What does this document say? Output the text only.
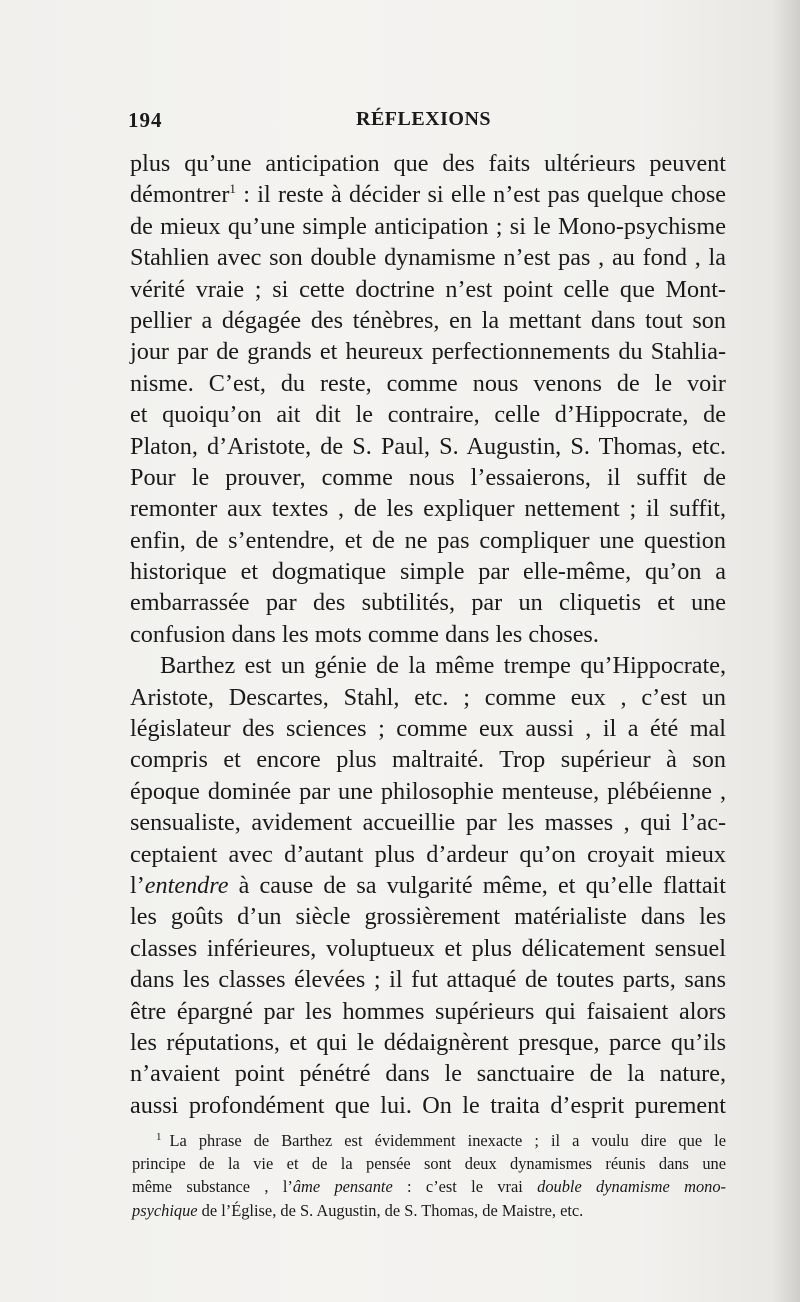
194	RÉFLEXIONS
plus qu’une anticipation que des faits ultérieurs peuvent
démontrer$^1$ : il reste à décider si elle n’est pas quelque chose
de mieux qu’une simple anticipation ; si le Mono-psychisme
Stahlien avec son double dynamisme n’est pas , au fond , la
vérité vraie ; si cette doctrine n’est point celle que Mont-
pellier a dégagée des ténèbres, en la mettant dans tout son
jour par de grands et heureux perfectionnements du Stahlia-
nisme. C’est, du reste, comme nous venons de le voir
et quoiqu’on ait dit le contraire, celle d’Hippocrate, de
Platon, d’Aristote, de S. Paul, S. Augustin, S. Thomas, etc.
Pour le prouver, comme nous l’essaierons, il suffit de
remonter aux textes , de les expliquer nettement ; il suffit,
enfin, de s’entendre, et de ne pas compliquer une question
historique et dogmatique simple par elle-même, qu’on a
embarrassée par des subtilités, par un cliquetis et une
confusion dans les mots comme dans les choses.
Barthez est un génie de la même trempe qu’Hippocrate,
Aristote, Descartes, Stahl, etc. ; comme eux , c’est un
législateur des sciences ; comme eux aussi , il a été mal
compris et encore plus maltraité. Trop supérieur à son
époque dominée par une philosophie menteuse, plébéienne ,
sensualiste, avidement accueillie par les masses , qui l’ac-
ceptaient avec d’autant plus d’ardeur qu’on croyait mieux
l’entendre à cause de sa vulgarité même, et qu’elle flattait
les goûts d’un siècle grossièrement matérialiste dans les
classes inférieures, voluptueux et plus délicatement sensuel
dans les classes élevées ; il fut attaqué de toutes parts, sans
être épargné par les hommes supérieurs qui faisaient alors
les réputations, et qui le dédaignèrent presque, parce qu’ils
n’avaient point pénétré dans le sanctuaire de la nature,
aussi profondément que lui. On le traita d’esprit purement
$^1$ La phrase de Barthez est évidemment inexacte ; il a voulu dire que le
principe de la vie et de la pensée sont deux dynamismes réunis dans une
même substance , l’âme pensante : c’est le vrai double dynamisme mono-
psychique de l’Église, de S. Augustin, de S. Thomas, de Maistre, etc.
